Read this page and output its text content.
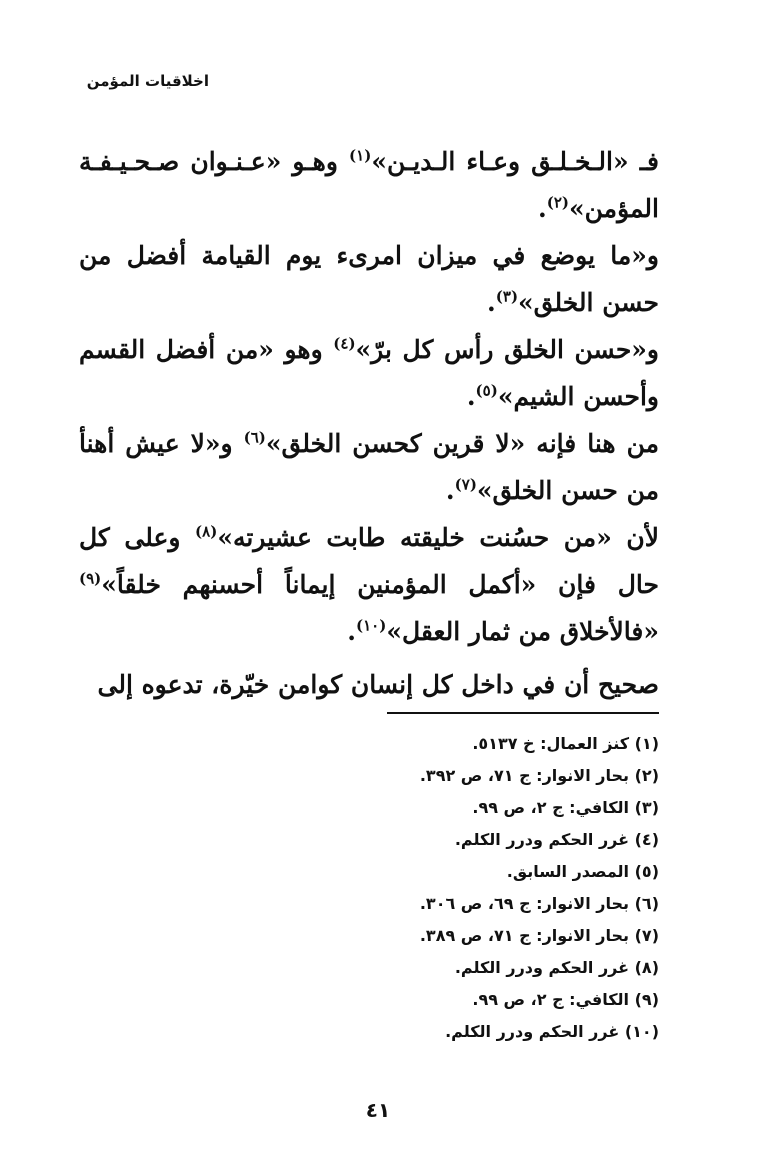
اخلاقيات المؤمن

فـ «الـخـلـق وعـاء الـديـن»$^{(١)}$ وهـو «عـنـوان صـحـيـفـة المؤمن»$^{(٢)}$.

و«ما يوضع في ميزان امرىء يوم القيامة أفضل من حسن الخلق»$^{(٣)}$.

و«حسن الخلق رأس كل برّ»$^{(٤)}$ وهو «من أفضل القسم وأحسن الشيم»$^{(٥)}$.

من هنا فإنه «لا قرين كحسن الخلق»$^{(٦)}$ و«لا عيش أهنأ من حسن الخلق»$^{(٧)}$.

لأن «من حسُنت خليقته طابت عشيرته»$^{(٨)}$ وعلى كل حال فإن «أكمل المؤمنين إيماناً أحسنهم خلقاً»$^{(٩)}$ «فالأخلاق من ثمار العقل»$^{(١٠)}$.

صحيح أن في داخل كل إنسان كوامن خيّرة، تدعوه إلى

(١) كنز العمال: خ ٥١٣٧.
(٢) بحار الانوار: ج ٧١، ص ٣٩٢.
(٣) الكافي: ج ٢، ص ٩٩.
(٤) غرر الحكم ودرر الكلم.
(٥) المصدر السابق.
(٦) بحار الانوار: ج ٦٩، ص ٣٠٦.
(٧) بحار الانوار: ج ٧١، ص ٣٨٩.
(٨) غرر الحكم ودرر الكلم.
(٩) الكافي: ج ٢، ص ٩٩.
(١٠) غرر الحكم ودرر الكلم.
٤١
